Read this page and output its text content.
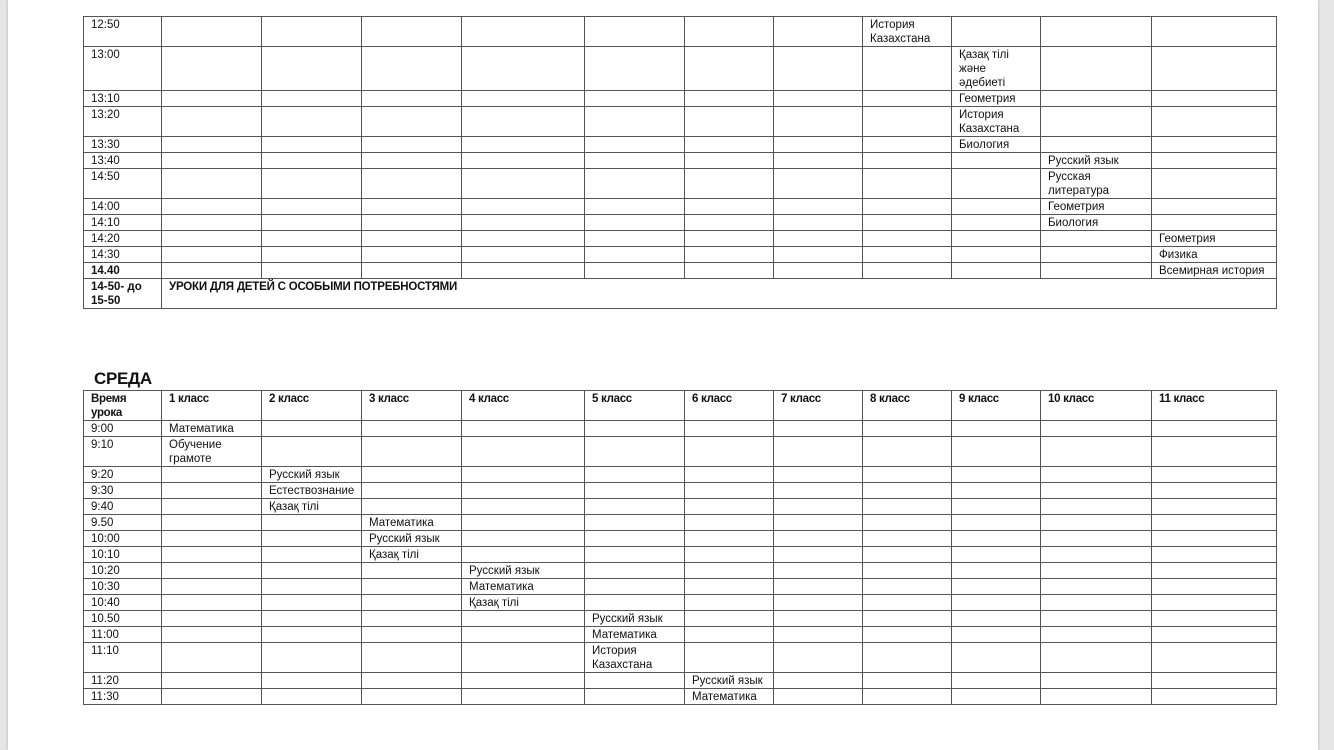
12:50								История Казахстана			
13:00									Қазақ тілі және әдебиеті		
13:10									Геометрия		
13:20									История Казахстана		
13:30									Биология		
13:40										Русский язык	
14:50										Русская литература	
14:00										Геометрия	
14:10										Биология	
14:20											Геометрия
14:30											Физика
14.40											Всемирная история
14-50- до 15-50	УРОКИ ДЛЯ ДЕТЕЙ С ОСОБЫМИ ПОТРЕБНОСТЯМИ										
СРЕДА
Время урока	1 класс	2 класс	3 класс	4 класс	5 класс	6 класс	7 класс	8 класс	9 класс	10 класс	11 класс
9:00	Математика										
9:10	Обучение грамоте										
9:20		Русский язык									
9:30		Естествознание									
9:40		Қазақ тілі									
9.50			Математика								
10:00			Русский язык								
10:10			Қазақ тілі								
10:20				Русский язык							
10:30				Математика							
10:40				Қазақ тілі							
10.50					Русский язык						
11:00					Математика						
11:10					История Казахстана						
11:20						Русский язык					
11:30						Математика					
